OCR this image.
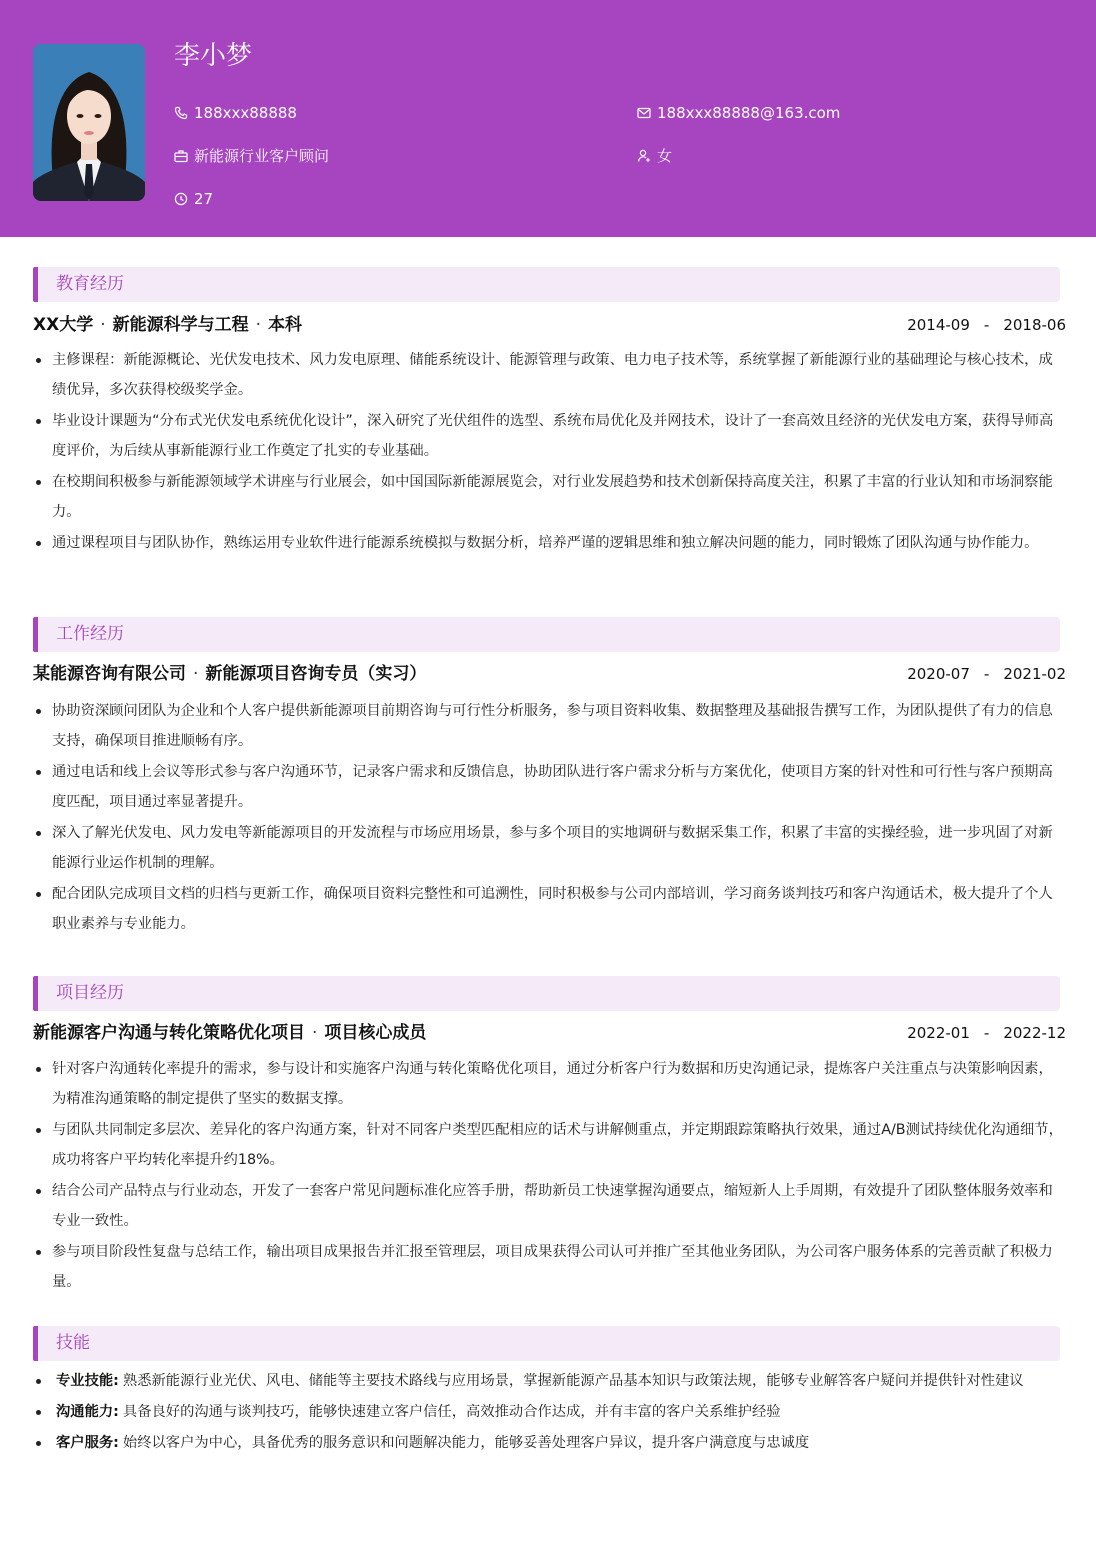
李小梦
188xxx88888	188xxx88888@163.com
新能源行业客户顾问	女
27
教育经历
XX大学 · 新能源科学与工程 · 本科	2014-09 - 2018-06
主修课程：新能源概论、光伏发电技术、风力发电原理、储能系统设计、能源管理与政策、电力电子技术等，系统掌握了新能源行业的基础理论与核心技术，成绩优异，多次获得校级奖学金。
毕业设计课题为“分布式光伏发电系统优化设计”，深入研究了光伏组件的选型、系统布局优化及并网技术，设计了一套高效且经济的光伏发电方案，获得导师高度评价，为后续从事新能源行业工作奠定了扎实的专业基础。
在校期间积极参与新能源领域学术讲座与行业展会，如中国国际新能源展览会，对行业发展趋势和技术创新保持高度关注，积累了丰富的行业认知和市场洞察能力。
通过课程项目与团队协作，熟练运用专业软件进行能源系统模拟与数据分析，培养严谨的逻辑思维和独立解决问题的能力，同时锻炼了团队沟通与协作能力。
工作经历
某能源咨询有限公司 · 新能源项目咨询专员（实习）	2020-07 - 2021-02
协助资深顾问团队为企业和个人客户提供新能源项目前期咨询与可行性分析服务，参与项目资料收集、数据整理及基础报告撰写工作，为团队提供了有力的信息支持，确保项目推进顺畅有序。
通过电话和线上会议等形式参与客户沟通环节，记录客户需求和反馈信息，协助团队进行客户需求分析与方案优化，使项目方案的针对性和可行性与客户预期高度匹配，项目通过率显著提升。
深入了解光伏发电、风力发电等新能源项目的开发流程与市场应用场景，参与多个项目的实地调研与数据采集工作，积累了丰富的实操经验，进一步巩固了对新能源行业运作机制的理解。
配合团队完成项目文档的归档与更新工作，确保项目资料完整性和可追溯性，同时积极参与公司内部培训，学习商务谈判技巧和客户沟通话术，极大提升了个人职业素养与专业能力。
项目经历
新能源客户沟通与转化策略优化项目 · 项目核心成员	2022-01 - 2022-12
针对客户沟通转化率提升的需求，参与设计和实施客户沟通与转化策略优化项目，通过分析客户行为数据和历史沟通记录，提炼客户关注重点与决策影响因素，为精准沟通策略的制定提供了坚实的数据支撑。
与团队共同制定多层次、差异化的客户沟通方案，针对不同客户类型匹配相应的话术与讲解侧重点，并定期跟踪策略执行效果，通过A/B测试持续优化沟通细节，成功将客户平均转化率提升约18%。
结合公司产品特点与行业动态，开发了一套客户常见问题标准化应答手册，帮助新员工快速掌握沟通要点，缩短新人上手周期，有效提升了团队整体服务效率和专业一致性。
参与项目阶段性复盘与总结工作，输出项目成果报告并汇报至管理层，项目成果获得公司认可并推广至其他业务团队，为公司客户服务体系的完善贡献了积极力量。
技能
专业技能: 熟悉新能源行业光伏、风电、储能等主要技术路线与应用场景，掌握新能源产品基本知识与政策法规，能够专业解答客户疑问并提供针对性建议
沟通能力: 具备良好的沟通与谈判技巧，能够快速建立客户信任，高效推动合作达成，并有丰富的客户关系维护经验
客户服务: 始终以客户为中心，具备优秀的服务意识和问题解决能力，能够妥善处理客户异议，提升客户满意度与忠诚度
